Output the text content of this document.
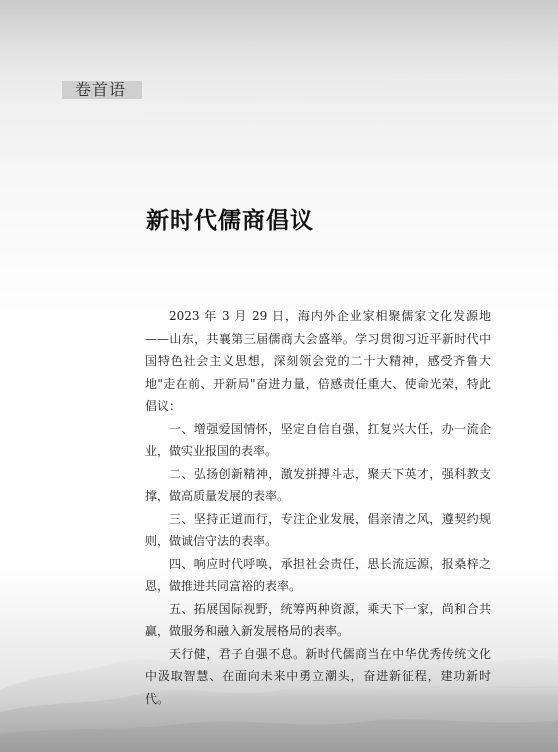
卷首语
新时代儒商倡议

2023 年 3 月 29 日，海内外企业家相聚儒家文化发源地——山东，共襄第三届儒商大会盛举。学习贯彻习近平新时代中国特色社会主义思想，深刻领会党的二十大精神，感受齐鲁大地"走在前、开新局"奋进力量，倍感责任重大、使命光荣，特此倡议：

一、增强爱国情怀，坚定自信自强，扛复兴大任，办一流企业，做实业报国的表率。

二、弘扬创新精神，激发拼搏斗志，聚天下英才，强科教支撑，做高质量发展的表率。

三、坚持正道而行，专注企业发展，倡亲清之风，遵契约规则，做诚信守法的表率。

四、响应时代呼唤，承担社会责任，思长流远源，报桑梓之恩，做推进共同富裕的表率。

五、拓展国际视野，统筹两种资源，乘天下一家，尚和合共赢，做服务和融入新发展格局的表率。

天行健，君子自强不息。新时代儒商当在中华优秀传统文化中汲取智慧、在面向未来中勇立潮头，奋进新征程，建功新时代。
